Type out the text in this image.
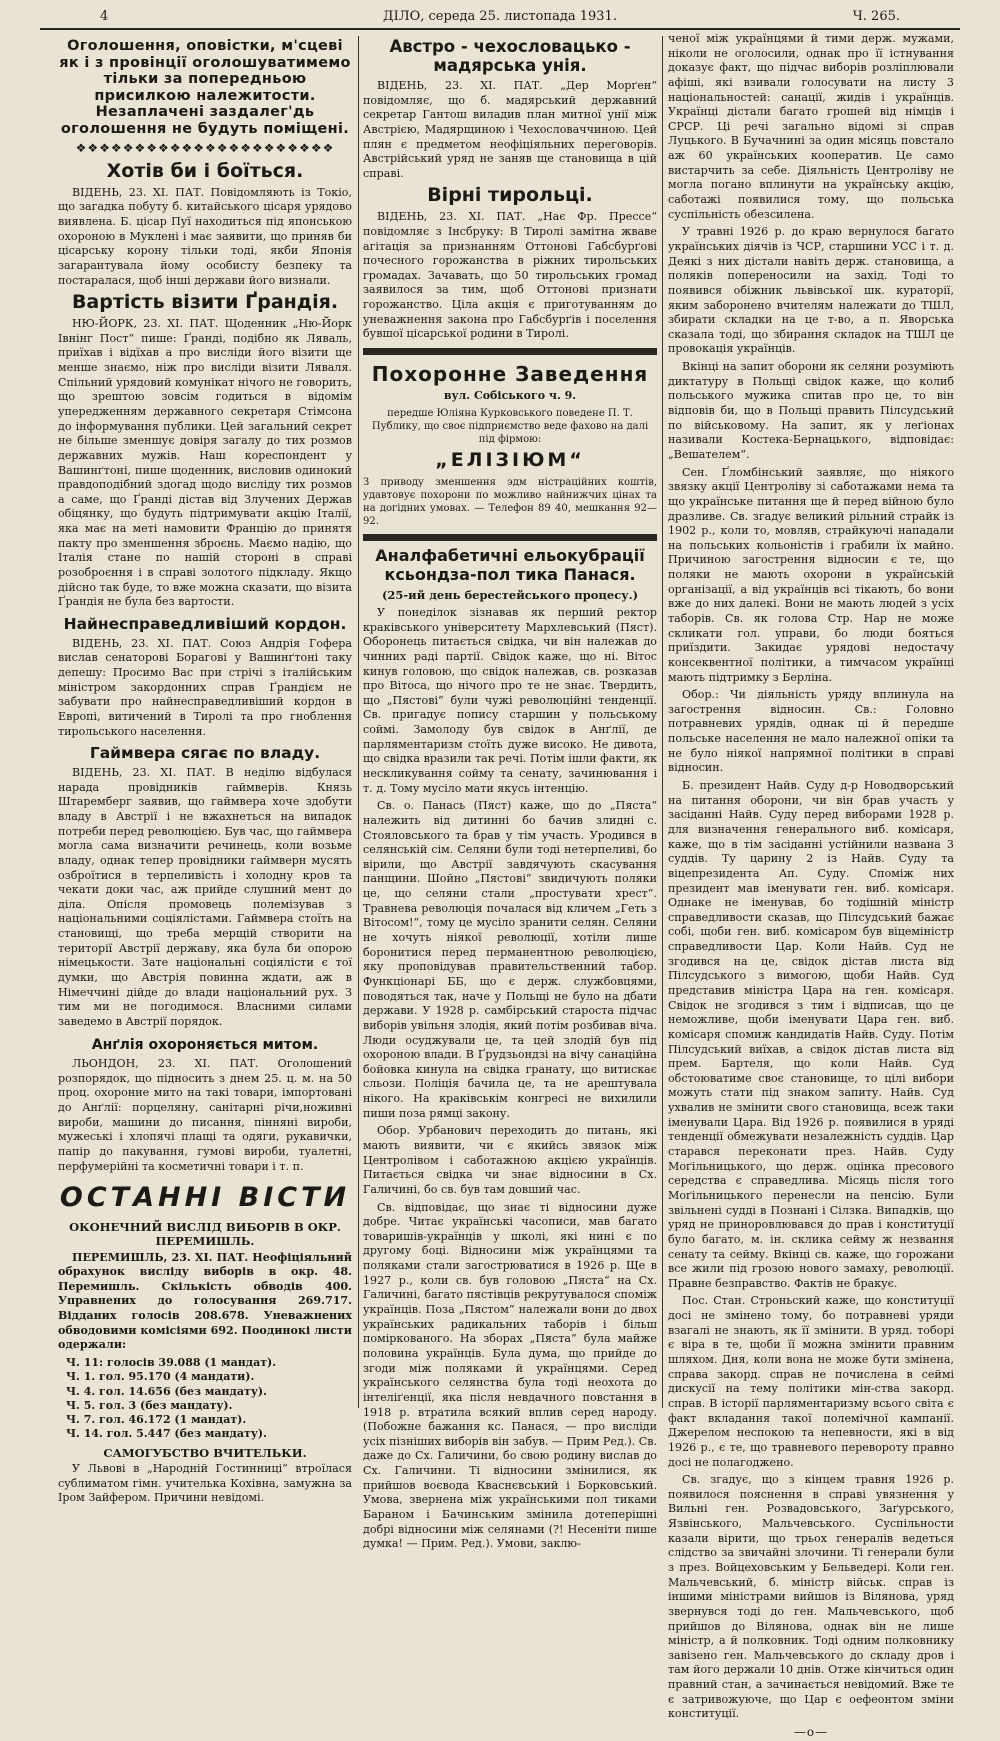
4	ДІЛО, середа 25. листопада 1931.	Ч. 265.
Оголошення, оповістки, м'сцеві як і з провінції оголошуватимемо тільки за попередньою присилкою належитости. Незаплачені заздалег'дь оголошення не будуть поміщені.
❖❖❖❖❖❖❖❖❖❖❖❖❖❖❖❖❖❖❖❖❖❖
Хотів би і боїться.

ВІДЕНЬ, 23. XI. ПАТ. Повідомляють із Токіо, що загадка побуту б. китайського цісаря урядово виявлена. Б. цісар Пуї находиться під японською охороною в Муклені і має заявити, що приняв би цісарську корону тільки тоді, якби Японія загарантувала йому особисту безпеку та постаралася, щоб інші держави його визнали.

Вартість візити Ґрандія.

НЮ-ЙОРК, 23. XI. ПАТ. Щоденник „Ню-Йорк Івнінг Пост“ пише: Ґранді, подібно як Ляваль, приїхав і відїхав а про висліди його візити ще менше знаємо, ніж про висліди візити Ляваля. Спільний урядовий комунікат нічого не говорить, що зрештою зовсім годиться в відомім упередженням державного секретаря Стімсона до інформування публики. Цей загальний секрет не більше зменшує довіря загалу до тих розмов державних мужів. Наш кореспондент у Вашинґтоні, пише щоденник, висловив одинокий правдоподібний здогад щодо висліду тих розмов а саме, що Ґранді дістав від Злучених Держав обіцянку, що будуть підтримувати акцію Італії, яка має на меті намовити Францію до принятя пакту про зменшення зброєнь. Маємо надію, що Італія стане по нашій стороні в справі розоброєння і в справі золотого підкладу. Якщо дійсно так буде, то вже можна сказати, що візита Ґрандія не була без вартости.

Найнесправедливіший кордон.

ВІДЕНЬ, 23. XI. ПАТ. Союз Андрія Гофера вислав сенаторові Борагові у Вашинґтоні таку депешу: Просимо Вас при стрічі з італійським міністром закордонних справ Ґрандієм не забувати про найнесправедливіший кордон в Европі, витичений в Тиролі та про гноблення тирольського населення.

Гаймвера сягає по владу.

ВІДЕНЬ, 23. XI. ПАТ. В неділю відбулася нарада провідників гаймверів. Князь Штаремберг заявив, що гаймвера хоче здобути владу в Австрії і не вжахнеться на випадок потреби перед революцією. Був час, що гаймвера могла сама визначити речинець, коли возьме владу, однак тепер провідники гаймверн мусять озброїтися в терпеливість і холодну кров та чекати доки час, аж прийде слушний мент до діла. Опісля промовець полемізував з національними соціялістами. Гаймвера стоїть на становищі, що треба мерщій створити на території Австрії державу, яка була би опорою німецькости. Зате національні соціялісти є тої думки, що Австрія повинна ждати, аж в Німеччині дійде до влади національний рух. З тим ми не погодимося. Власними силами заведемо в Австрії порядок.

Анґлія охороняється митом.

ЛЬОНДОН, 23. XI. ПАТ. Оголошений розпорядок, що підносить з днем 25. ц. м. на 50 проц. охоронне мито на такі товари, імпортовані до Анґлії: порцеляну, санітарні річи,ноживні вироби, машини до писання, пінняні вироби, мужеські і хлопячі плащі та одяги, рукавички, папір до пакування, гумові вироби, туалетні, перфумерійні та косметичні товари і т. п.

ОСТАННІ ВІСТИ
ОКОНЕЧНИЙ ВИСЛІД ВИБОРІВ В ОКР. ПЕРЕМИШЛЬ.

ПЕРЕМИШЛЬ, 23. XI. ПАТ. Неофіціяльний обрахунок висліду виборів в окр. 48. Перемишль. Скількість обводів 400. Управнених до голосування 269.717. Відданих голосів 208.678. Уневажнених обводовими комісіями 692. Поодинокі листи одержали:

Ч. 11: голосів 39.088 (1 мандат).
Ч. 1. гол. 95.170 (4 мандати).
Ч. 4. гол. 14.656 (без мандату).
Ч. 5. гол. 3 (без мандату).
Ч. 7. гол. 46.172 (1 мандат).
Ч. 14. гол. 5.447 (без мандату).
САМОГУБСТВО ВЧИТЕЛЬКИ.

У Львові в „Народній Гостинниці“ втроїлася сублиматом гімн. учителька Кохівна, замужна за Іром Зайфером. Причини невідомі.

Австро - чехословацько - мадярська унія.

ВІДЕНЬ, 23. XI. ПАТ. „Дер Морґен“ повідомляє, що б. мадярський державний секретар Гантош виладив план митної унії між Австрією, Мадярщиною і Чехословаччиною. Цей плян є предметом неофіціяльних переговорів. Австрійський уряд не заняв ще становища в цій справі.

Вірні тирольці.

ВІДЕНЬ, 23. XI. ПАТ. „Нає Фр. Прессе“ повідомляє з Інсбруку: В Тиролі замітна жваве агітація за признанням Оттонові Габсбурґові почесного горожанства в ріжних тирольських громадах. Зачавать, що 50 тирольських громад заявилося за тим, щоб Оттонові признати горожанство. Ціла акція є приготуванням до уневажнення закона про Габсбурґів і поселення бувшої цісарської родини в Тиролі.

Похоронне Заведення
вул. Собіського ч. 9.
передше Юліяна Курковського поведене П. Т. Публику, що своє підприємство веде фахово на далі під фірмою:
„ЕЛІЗІЮМ“
З приводу зменшення эдм ністраційних коштів, удавтовує похорони по можливо найнижчих цінах та на догідних умовах. — Телефон 89 40, мешкання 92—92.
Аналфабетичні ельокубрації ксьондза-пол тика Панася.
(25-ий день берестейського процесу.)

У понеділок зізнавав як перший ректор краківського університету Мархлевський (Пяст). Оборонець питається свідка, чи він належав до чинних раді партії. Свідок каже, що ні. Вітос кинув головою, що свідок належав, св. розказав про Вітоса, що нічого про те не знає. Твердить, що „Пястові“ були чужі революційні тенденції. Св. пригадує попису старшин у польському соймі. Замолоду був свідок в Анґлії, де парляментаризм стоїть дуже високо. Не дивота, що свідка вразили так речі. Потім ішли факти, як нескликування сойму та сенату, зачинювання і т. д. Тому мусіло мати якусь інтенцію.

Св. о. Панась (Пяст) каже, що до „Пяста“ належить від дитинні бо бачив злидні с. Стояловського та брав у тім участь. Уродився в селянській сім. Селяни були тоді нетерпеливі, бо вірили, що Австрії завдячують скасування панщини. Шойно „Пястові“ звидичують поляки це, що селяни стали „простувати хрест“. Травнева революція почалася від кличем „Геть з Вітосом!“, тому це мусіло зранити селян. Селяни не хочуть ніякої революції, хотіли лише боронитися перед перманентною революцією, яку проповідував правительственний табор. Функціонарі ББ, що є держ. службовцями, поводяться так, наче у Польщі не було на дбати держави. У 1928 р. самбірський староста підчас виборів увільня злодія, який потім розбивав віча. Люди осуджували це, та цей злодій був під охороною влади. В Ґрудзьондзі на вічу санаційна бойовка кинула на свідка гранату, що витискає сльози. Поліція бачила це, та не арештувала нікого. На краківськім конгресі не вихилили пиши поза рямці закону.

Обор. Урбанович переходить до питань, які мають виявити, чи є якийсь звязок між Центролівом і саботажною акцією українців. Питається свідка чи знає відносини в Сх. Галичині, бо св. був там довший час.

Св. відповідає, що знає ті відносини дуже добре. Читає українські часописи, мав багато товаришів-українців у школі, які нині є по другому боці. Відносини між українцями та поляками стали загострюватися в 1926 р. Ще в 1927 р., коли св. був головою „Пяста“ на Сх. Галичині, багато пястівців рекрутувалося споміж українців. Поза „Пястом“ належали вони до двох українських радикальних таборів і більш поміркованого. На зборах „Пяста“ була майже половина українців. Була дума, що прийде до згоди між поляками й українцями. Серед українського селянства була тоді неохота до інтеліґенції, яка після невдачного повстання в 1918 р. втратила всякий вплив серед народу. (Побожне бажання кс. Панася, — про висліди усіх пізніших виборів він забув. — Прим Ред.). Св. даже до Сх. Галичини, бо свою родину вислав до Сх. Галичини. Ті відносини змінилися, як прийшов воєвода Кваснєвський і Борковський. Умова, звернена між українськими пол тиками Бараном і Бачинським змінила дотеперішні добрі відносини між селянами (?! Несеніти пише думка! — Прим. Ред.). Умови, заклю-

ченої між українцями й тими держ. мужами, ніколи не оголосили, однак про її істнування доказує факт, що підчас виборів розліплювали афіші, які взивали голосувати на листу 3 національностей: санації, жидів і українців. Українці дістали багато грошей від німців і СРСР. Ці речі загально відомі зі справ Луцького. В Бучачнині за один місяць повстало аж 60 українських кооператив. Це само вистарчить за себе. Діяльність Центроліву не могла погано вплинути на українську акцію, саботажі появилися тому, що польська суспільність обезсилена.

У травні 1926 р. до краю вернулося багато українських діячів із ЧСР, старшини УСС і т. д. Деякі з них дістали навіть держ. становища, а поляків попереносили на захід. Тоді то появився обіжник львівської шк. кураторії, яким заборонено вчителям належати до ТШЛ, збирати складки на це т-во, а п. Яворська сказала тоді, що збирання складок на ТШЛ це провокація українців.

Вкінці на запит оборони як селяни розуміють диктатуру в Польщі свідок каже, що колиб польського мужика спитав про це, то він відповів би, що в Польщі править Пілсудський по військовому. На запит, як у леґіонах називали Костека-Бернацького, відповідає: „Вешателем“.

Сен. Ґломбінський заявляє, що ніякого звязку акції Центроліву зі саботажами нема та що українське питання ще й перед війною було дразливе. Св. згадує великий рільний страйк із 1902 р., коли то, мовляв, страйкуючі нападали на польських кольоністів і грабили їх майно. Причиною загострення відносин є те, що поляки не мають охорони в українській організації, а від українців всі тікають, бо вони вже до них далекі. Вони не мають людей з усіх таборів. Св. як голова Стр. Нар не може скликати гол. управи, бо люди бояться приїздити. Закидає урядові недостачу консеквентної політики, а тимчасом українці мають підтримку з Берліна.

Обор.: Чи діяльність уряду вплинула на загострення відносин. Св.: Головно потравневих урядів, однак ці й передше польське населення не мало належної опіки та не було ніякої напрямної політики в справі відносин.

Б. президент Найв. Суду д-р Новодворський на питання оборони, чи він брав участь у засіданні Найв. Суду перед виборами 1928 р. для визначення генерального виб. комісаря, каже, що в тім засіданні устійнили названа 3 суддів. Ту царину 2 із Найв. Суду та віцепрезидента Ап. Суду. Споміж них президент мав іменувати ген. виб. комісаря. Однаке не іменував, бо тодішній міністр справедливости сказав, що Пілсудський бажає собі, щоби ген. виб. комісаром був віцеміністр справедливости Цар. Коли Найв. Суд не згодився на це, свідок дістав листа від Пілсудського з вимогою, щоби Найв. Суд представив міністра Цара на ген. комісаря. Свідок не згодився з тим і відписав, що це неможливе, щоби іменувати Цара ген. виб. комісаря спомиж кандидатів Найв. Суду. Потім Пілсудський виїхав, а свідок дістав листа від прем. Бартеля, що коли Найв. Суд обстоюватиме своє становище, то цілі вибори можуть стати під знаком запиту. Найв. Суд ухвалив не змінити свого становища, всеж таки іменували Цара. Від 1926 р. появилися в уряді тенденції обмежувати незалежність суддів. Цар старався переконати през. Найв. Суду Моґільницького, що держ. оцінка пресового середства є справедлива. Місяць після того Моґільницького перенесли на пенсію. Були звільнені судді в Познані і Сілзка. Випадків, що уряд не приноровлювався до прав і конституції було багато, м. ін. склика сейму ж незвання сенату та сейму. Вкінці св. каже, що горожани все жили під грозою нового замаху, революції. Правне безправство. Фактів не бракує.

Пос. Стан. Строньский каже, що конституції досі не змінено тому, бо потравневі уряди взагалі не знають, як її змінити. В уряд. тоборі є віра в те, щоби її можна змінити правним шляхом. Дня, коли вона не може бути змінена, справа закорд. справ не почислена в сеймі дискусії на тему політики мін-ства закорд. справ. В історії парляментаризму всього світа є факт вкладання такої полемічної кампанії. Джерелом неспокою та непевности, які в від 1926 р., є те, що травневого перевороту правно досі не полагоджено.

Св. згадує, що з кінцем травня 1926 р. появилося пояснення в справі увязнення у Вильні ген. Розвадовського, Заґурського, Язвінського, Мальчевського. Суспільности казали вірити, що трьох генералів ведеться слідство за звичайні злочини. Ті генерали були з през. Войцеховським у Бельведері. Коли ген. Мальчевський, б. міністр військ. справ із іншими міністрами вийшов із Віляновa, уряд звернувся тоді до ген. Мальчевського, щоб прийшов до Віляновa, однак він не лише міністр, а й полковник. Тоді одним полковнику завізено ген. Мальчевського до складу дров і там його держали 10 днів. Отже кінчиться один правний стан, а зачинається невідомий. Вже те є затривожуюче, що Цар є оефеонтом зміни конституції.

—о—
